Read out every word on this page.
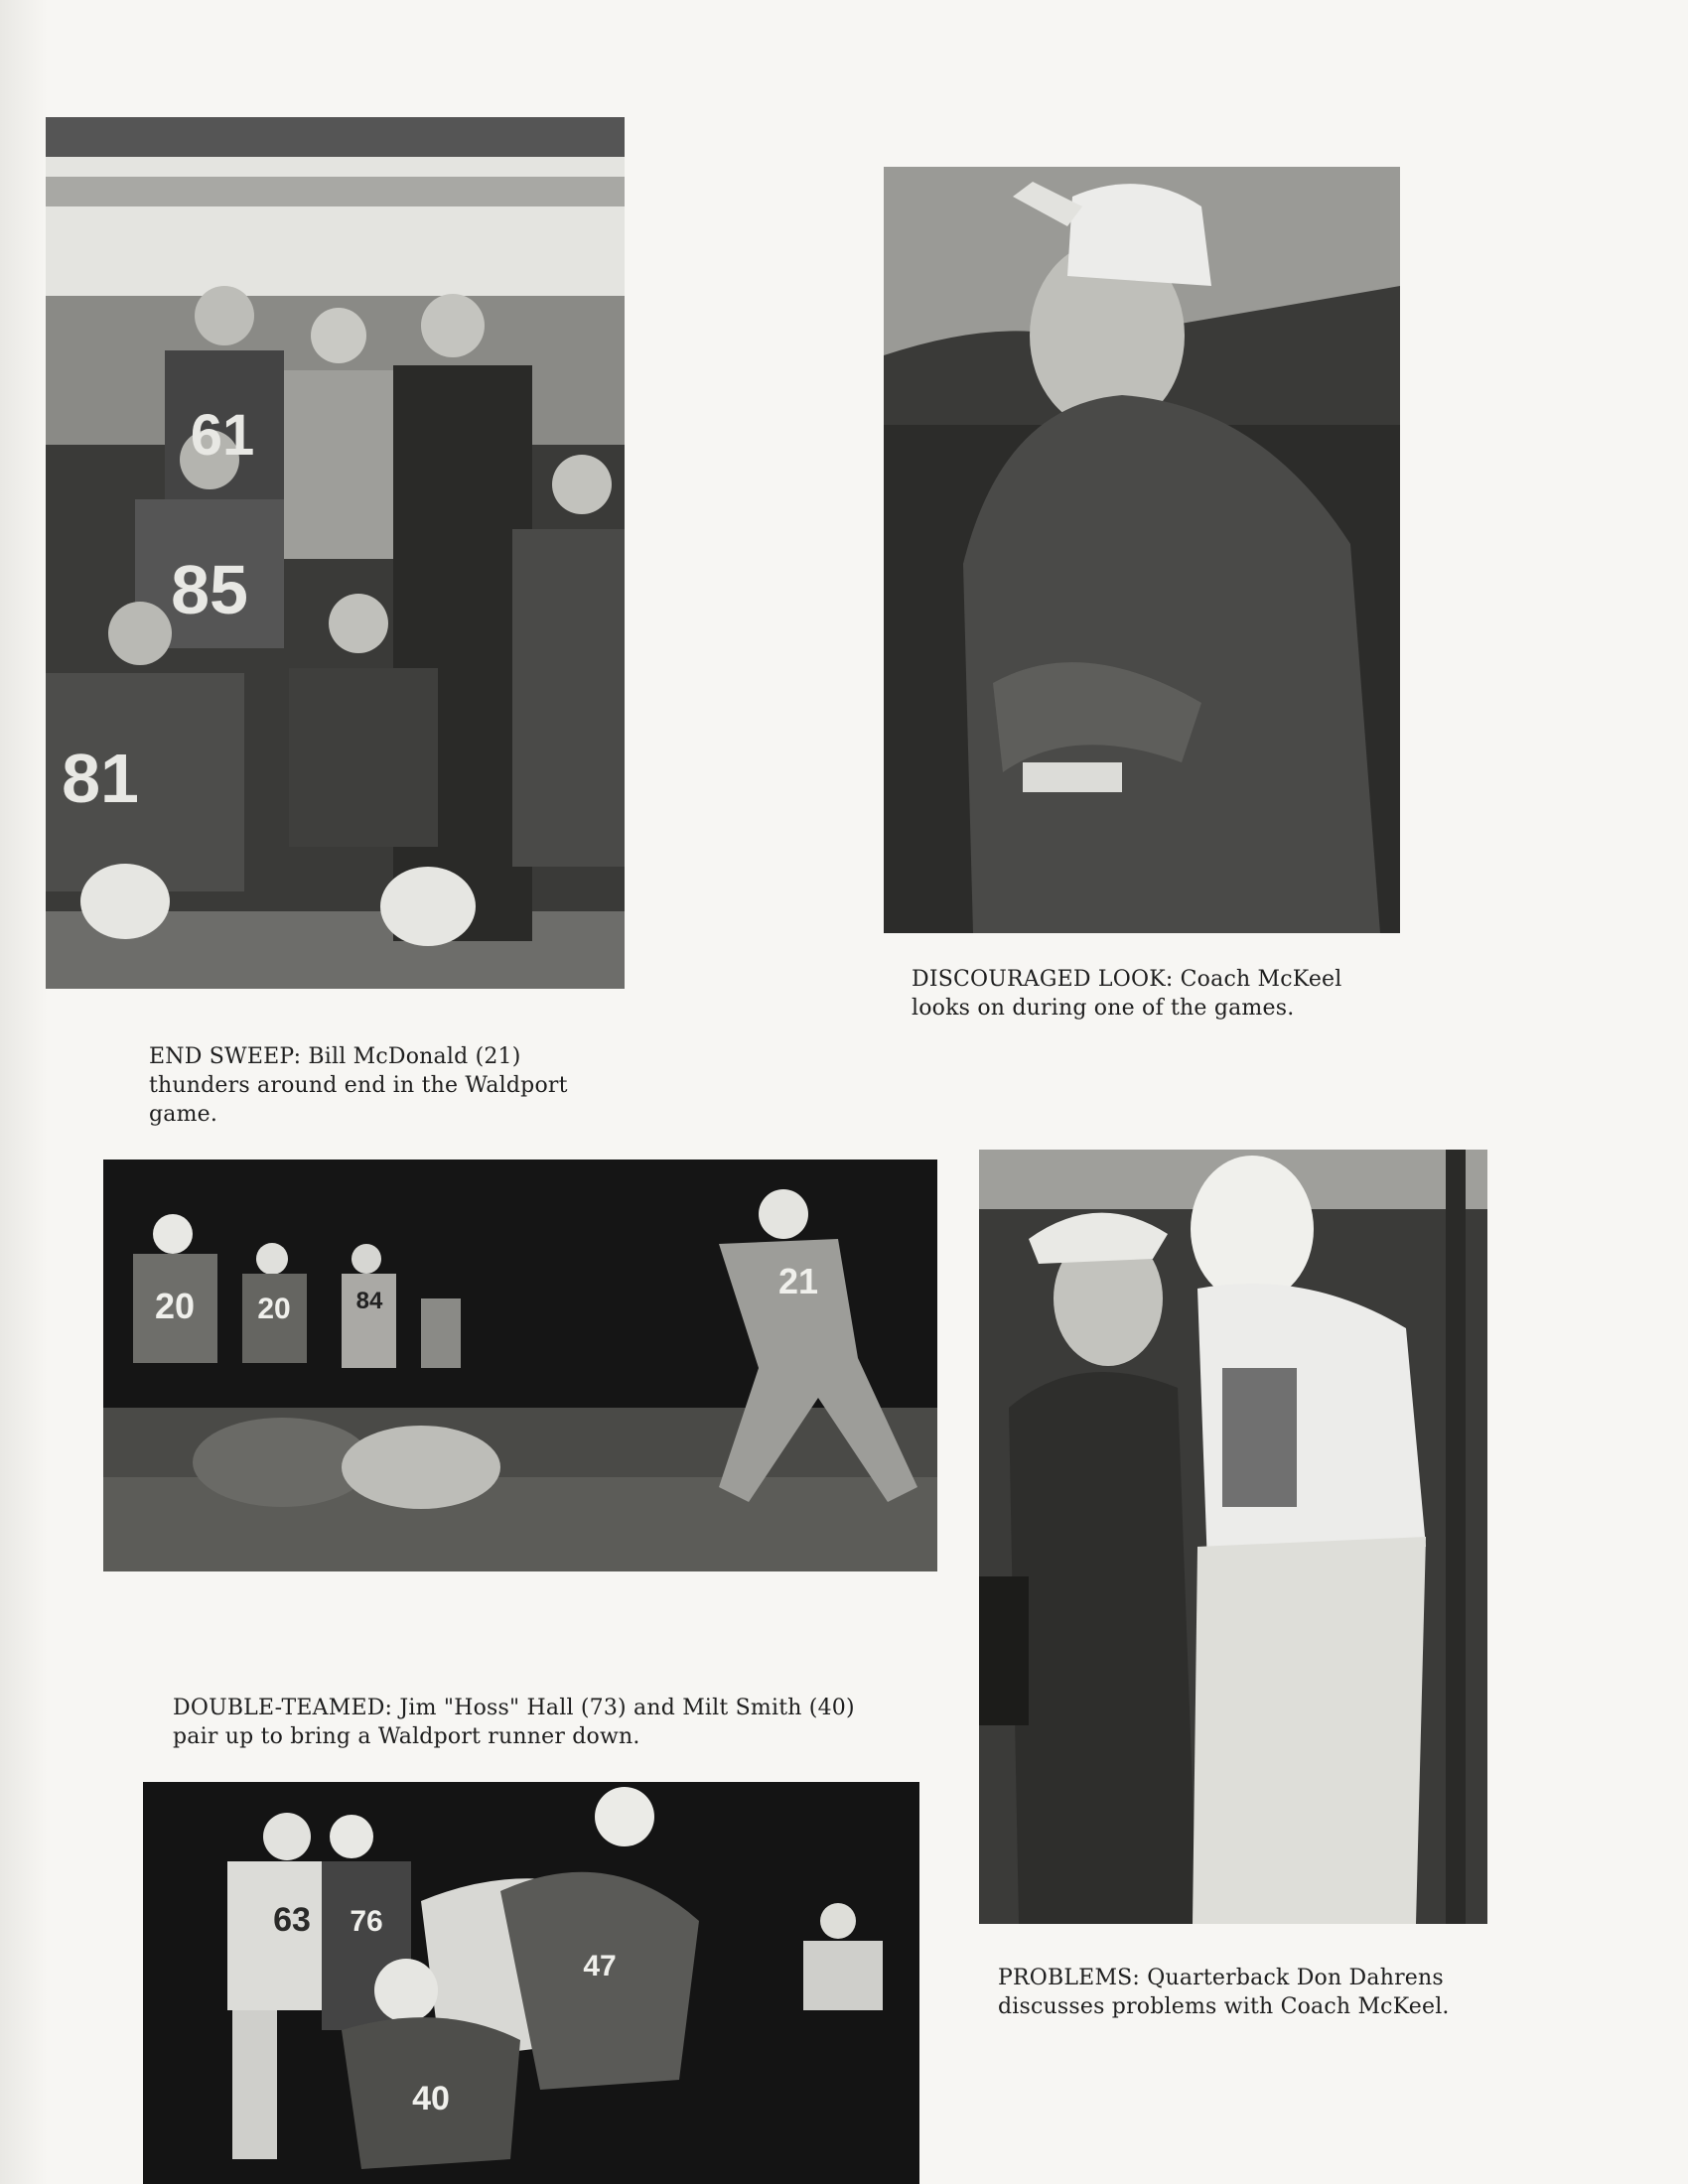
61
85
81

END SWEEP: Bill McDonald (21)

thunders around end in the Waldport

game.

DISCOURAGED LOOK: Coach McKeel

looks on during one of the games.

20 20	84	21

DOUBLE-TEAMED: Jim "Hoss" Hall (73) and Milt Smith (40)

pair up to bring a Waldport runner down.

PROBLEMS: Quarterback Don Dahrens

discusses problems with Coach McKeel.

63 76
40
47
